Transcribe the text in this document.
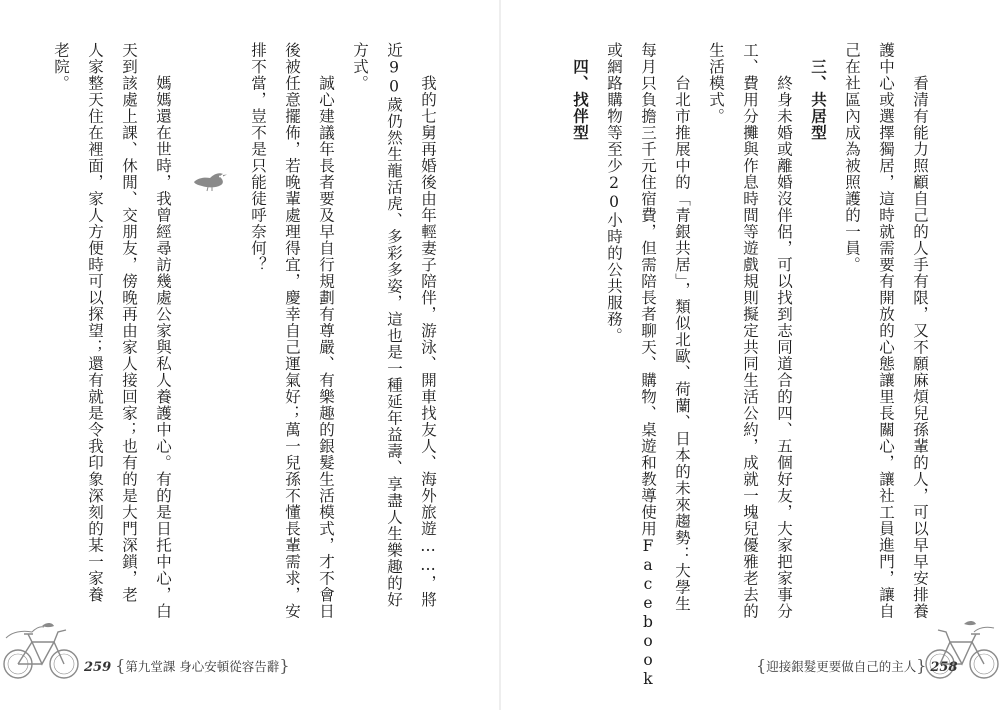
　　看清有能力照顧自己的人手有限，又不願麻煩兒孫輩的人，可以早早安排養

護中心或選擇獨居，這時就需要有開放的心態讓里長關心，讓社工員進門，讓自

己在社區內成為被照護的一員。

　三、共居型

　　終身未婚或離婚沒伴侶，可以找到志同道合的四、五個好友，大家把家事分

工、費用分攤與作息時間等遊戲規則擬定共同生活公約，成就一塊兒優雅老去的

生活模式。

　　台北市推展中的「青銀共居」，類似北歐、荷蘭、日本的未來趨勢：大學生

每月只負擔三千元住宿費，但需陪長者聊天、購物、桌遊和教導使用Facebook

或網路購物等至少20小時的公共服務。

　四、找伴型

　　我的七舅再婚後由年輕妻子陪伴，游泳、開車找友人、海外旅遊……，將

近90歲仍然生龍活虎、多彩多姿，這也是一種延年益壽、享盡人生樂趣的好

方式。

　　誠心建議年長者要及早自行規劃有尊嚴、有樂趣的銀髮生活模式，才不會日

後被任意擺佈，若晚輩處理得宜，慶幸自己運氣好；萬一兒孫不懂長輩需求，安

排不當，豈不是只能徒呼奈何？

　　媽媽還在世時，我曾經尋訪幾處公家與私人養護中心。有的是日托中心，白

天到該處上課、休閒、交朋友，傍晚再由家人接回家；也有的是大門深鎖，老

人家整天住在裡面，家人方便時可以探望；還有就是令我印象深刻的某一家養

老院。

259 {第九堂課 身心安頓從容告辭}	{迎接銀髮更要做自己的主人} 258
